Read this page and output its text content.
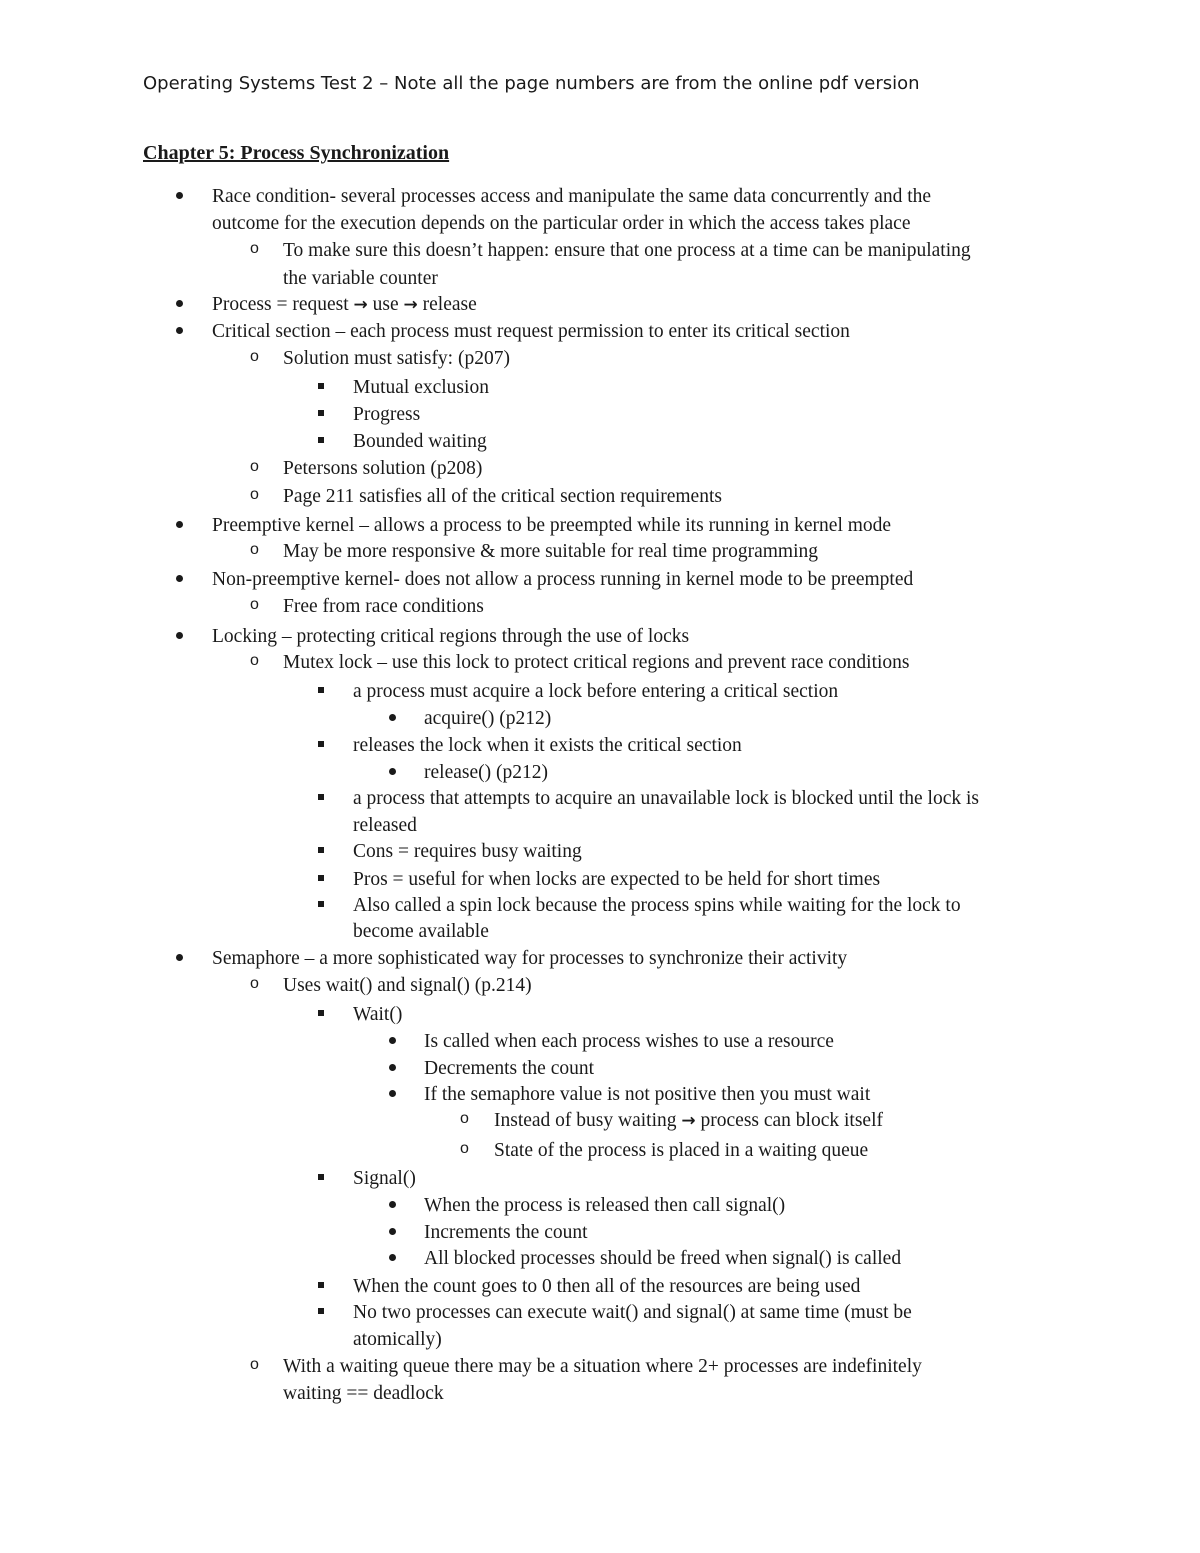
Operating Systems Test 2 – Note all the page numbers are from the online pdf version
Chapter 5: Process Synchronization
Race condition- several processes access and manipulate the same data concurrently and the
outcome for the execution depends on the particular order in which the access takes place
o To make sure this doesn’t happen: ensure that one process at a time can be manipulating
the variable counter
Process = request → use → release
Critical section – each process must request permission to enter its critical section
o Solution must satisfy: (p207)
Mutual exclusion
Progress
Bounded waiting
o Petersons solution (p208)
o Page 211 satisfies all of the critical section requirements
Preemptive kernel – allows a process to be preempted while its running in kernel mode
o May be more responsive & more suitable for real time programming
Non-preemptive kernel- does not allow a process running in kernel mode to be preempted
o Free from race conditions
Locking – protecting critical regions through the use of locks
o Mutex lock – use this lock to protect critical regions and prevent race conditions
a process must acquire a lock before entering a critical section
acquire() (p212)
releases the lock when it exists the critical section
release() (p212)
a process that attempts to acquire an unavailable lock is blocked until the lock is
released
Cons = requires busy waiting
Pros = useful for when locks are expected to be held for short times
Also called a spin lock because the process spins while waiting for the lock to
become available
Semaphore – a more sophisticated way for processes to synchronize their activity
o Uses wait() and signal() (p.214)
Wait()
Is called when each process wishes to use a resource
Decrements the count
If the semaphore value is not positive then you must wait
o Instead of busy waiting → process can block itself
o State of the process is placed in a waiting queue
Signal()
When the process is released then call signal()
Increments the count
All blocked processes should be freed when signal() is called
When the count goes to 0 then all of the resources are being used
No two processes can execute wait() and signal() at same time (must be
atomically)
o With a waiting queue there may be a situation where 2+ processes are indefinitely
waiting == deadlock
